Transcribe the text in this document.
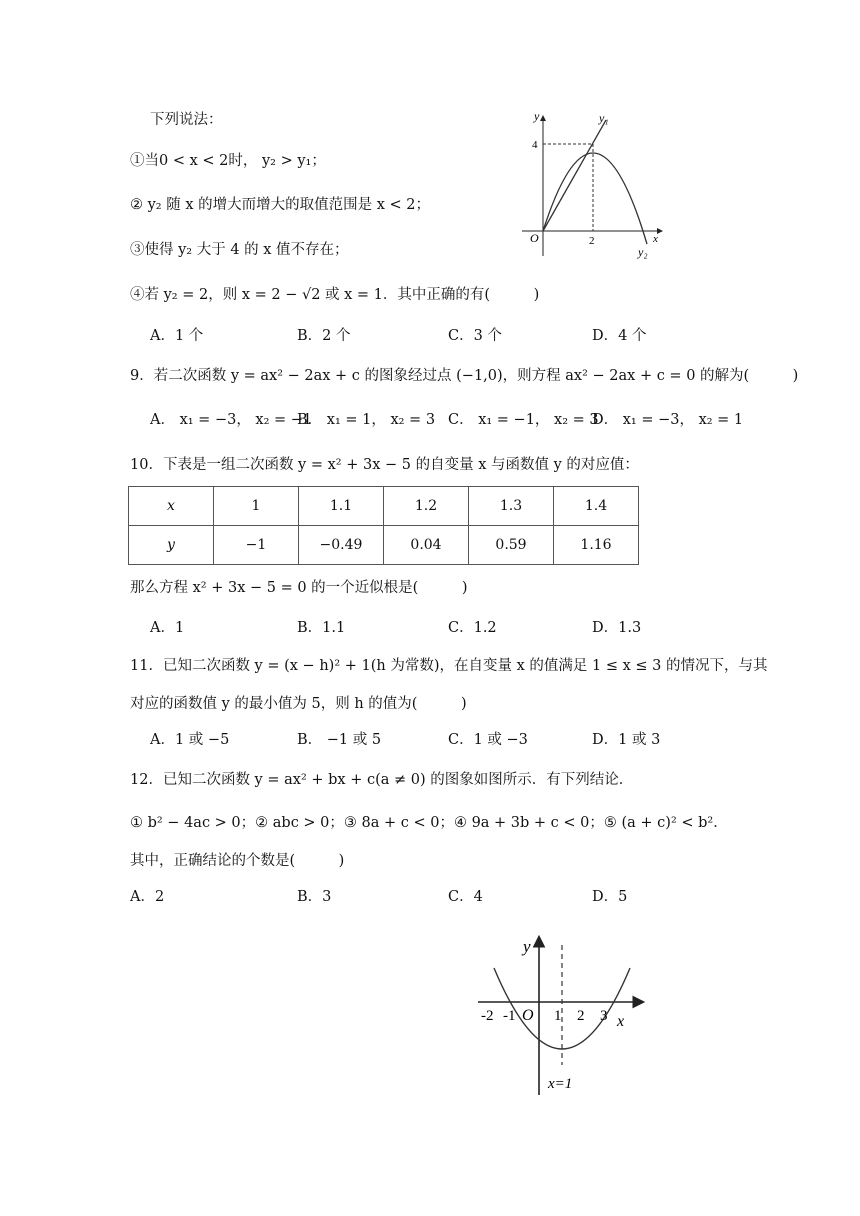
下列说法：
①当0 < x < 2时， y₂ > y₁；
② y₂ 随 x 的增大而增大的取值范围是 x < 2；
③使得 y₂ 大于 4 的 x 值不存在；
④若 y₂ = 2，则 x = 2 − √2 或 x = 1．其中正确的有(　　　)
A．1 个	B．2 个	C．3 个	D．4 个
y
x
y₁
y₂
O	2
4
9．若二次函数 y = ax² − 2ax + c 的图象经过点 (−1,0)，则方程 ax² − 2ax + c = 0 的解为(　　　)
A． x₁ = −3， x₂ = −1
B． x₁ = 1， x₂ = 3 C． x₁ = −1， x₂ = 3
D． x₁ = −3， x₂ = 1
10．下表是一组二次函数 y = x² + 3x − 5 的自变量 x 与函数值 y 的对应值：
x	1	1.1	1.2	1.3	1.4
y	−1	−0.49	0.04	0.59	1.16
那么方程 x² + 3x − 5 = 0 的一个近似根是(　　　)
A．1	B．1.1	C．1.2	D．1.3
11．已知二次函数 y = (x − h)² + 1(h 为常数)，在自变量 x 的值满足 1 ≤ x ≤ 3 的情况下，与其
对应的函数值 y 的最小值为 5，则 h 的值为(　　　)
A．1 或 −5	B． −1 或 5	C．1 或 −3	D．1 或 3
12．已知二次函数 y = ax² + bx + c(a ≠ 0) 的图象如图所示．有下列结论．
① b² − 4ac > 0；② abc > 0；③ 8a + c < 0；④ 9a + 3b + c < 0；⑤ (a + c)² < b²．
其中，正确结论的个数是(　　　)
A．2	B．3	C．4	D．5
y
x
O
-2 -1	1 2 3
x=1
